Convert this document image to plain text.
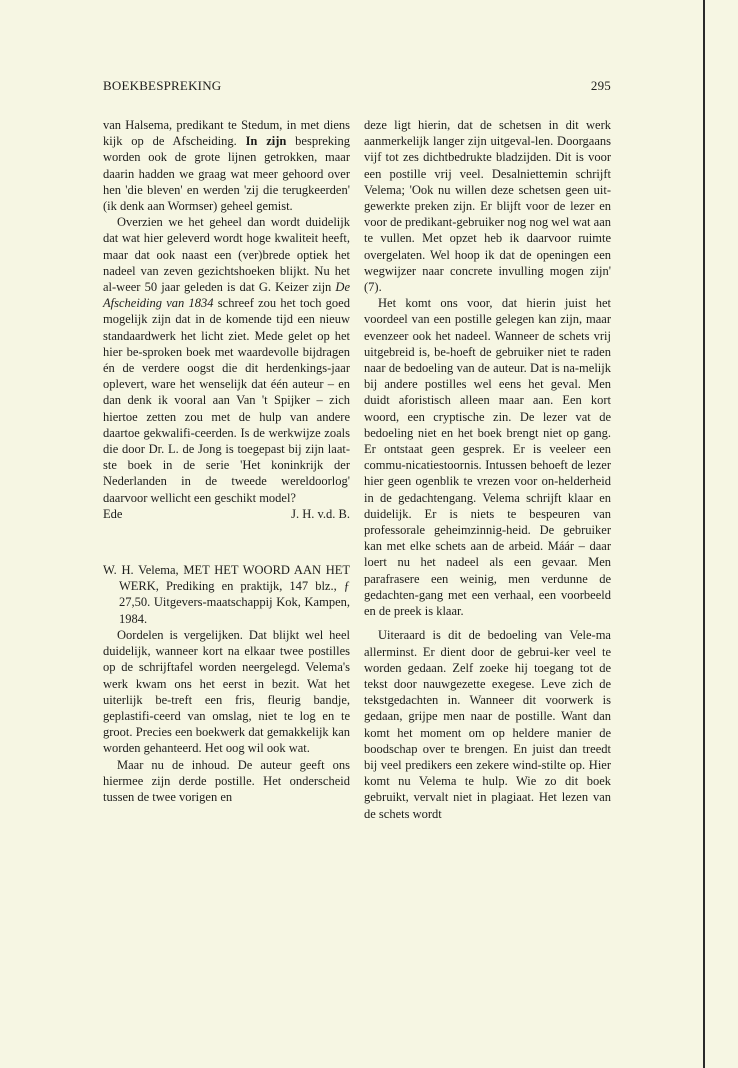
BOEKBESPREKING	295

van Halsema, predikant te Stedum, in met diens kijk op de Afscheiding. In zijn bespreking worden ook de grote lijnen getrokken, maar daarin hadden we graag wat meer gehoord over hen 'die bleven' en werden 'zij die terugkeerden' (ik denk aan Wormser) geheel gemist.

Overzien we het geheel dan wordt duidelijk dat wat hier geleverd wordt hoge kwaliteit heeft, maar dat ook naast een (ver)brede optiek het nadeel van zeven gezichtshoeken blijkt. Nu het al-weer 50 jaar geleden is dat G. Keizer zijn De Afscheiding van 1834 schreef zou het toch goed mogelijk zijn dat in de komende tijd een nieuw standaardwerk het licht ziet. Mede gelet op het hier be-sproken boek met waardevolle bijdragen én de verdere oogst die dit herdenkings-jaar oplevert, ware het wenselijk dat één auteur – en dan denk ik vooral aan Van 't Spijker – zich hiertoe zetten zou met de hulp van andere daartoe gekwalifi-ceerden. Is de werkwijze zoals die door Dr. L. de Jong is toegepast bij zijn laat-ste boek in de serie 'Het koninkrijk der Nederlanden in de tweede wereldoorlog' daarvoor wellicht een geschikt model?

Ede	J. H. v.d. B.
W. H. Velema, MET HET WOORD AAN HET WERK, Prediking en praktijk, 147 blz., ƒ 27,50. Uitgevers-maatschappij Kok, Kampen, 1984.

Oordelen is vergelijken. Dat blijkt wel heel duidelijk, wanneer kort na elkaar twee postilles op de schrijftafel worden neergelegd. Velema's werk kwam ons het eerst in bezit. Wat het uiterlijk be-treft een fris, fleurig bandje, geplastifi-ceerd van omslag, niet te log en te groot. Precies een boekwerk dat gemakkelijk kan worden gehanteerd. Het oog wil ook wat.

Maar nu de inhoud. De auteur geeft ons hiermee zijn derde postille. Het onderscheid tussen de twee vorigen en

deze ligt hierin, dat de schetsen in dit werk aanmerkelijk langer zijn uitgeval-len. Doorgaans vijf tot zes dichtbedrukte bladzijden. Dit is voor een postille vrij veel. Desalniettemin schrijft Velema; 'Ook nu willen deze schetsen geen uit-gewerkte preken zijn. Er blijft voor de lezer en voor de predikant-gebruiker nog nog wel wat aan te vullen. Met opzet heb ik daarvoor ruimte overgelaten. Wel hoop ik dat de openingen een wegwijzer naar concrete invulling mogen zijn' (7).

Het komt ons voor, dat hierin juist het voordeel van een postille gelegen kan zijn, maar evenzeer ook het nadeel. Wanneer de schets vrij uitgebreid is, be-hoeft de gebruiker niet te raden naar de bedoeling van de auteur. Dat is na-melijk bij andere postilles wel eens het geval. Men duidt aforistisch alleen maar aan. Een kort woord, een cryptische zin. De lezer vat de bedoeling niet en het boek brengt niet op gang. Er ontstaat geen gesprek. Er is veeleer een commu-nicatiestoornis. Intussen behoeft de lezer hier geen ogenblik te vrezen voor on-helderheid in de gedachtengang. Velema schrijft klaar en duidelijk. Er is niets te bespeuren van professorale geheimzinnig-heid. De gebruiker kan met elke schets aan de arbeid. Máár – daar loert nu het nadeel als een gevaar. Men parafrasere een weinig, men verdunne de gedachten-gang met een verhaal, een voorbeeld en de preek is klaar.

Uiteraard is dit de bedoeling van Vele-ma allerminst. Er dient door de gebrui-ker veel te worden gedaan. Zelf zoeke hij toegang tot de tekst door nauwgezette exegese. Leve zich de tekstgedachten in. Wanneer dit voorwerk is gedaan, grijpe men naar de postille. Want dan komt het moment om op heldere manier de boodschap over te brengen. En juist dan treedt bij veel predikers een zekere wind-stilte op. Hier komt nu Velema te hulp. Wie zo dit boek gebruikt, vervalt niet in plagiaat. Het lezen van de schets wordt
